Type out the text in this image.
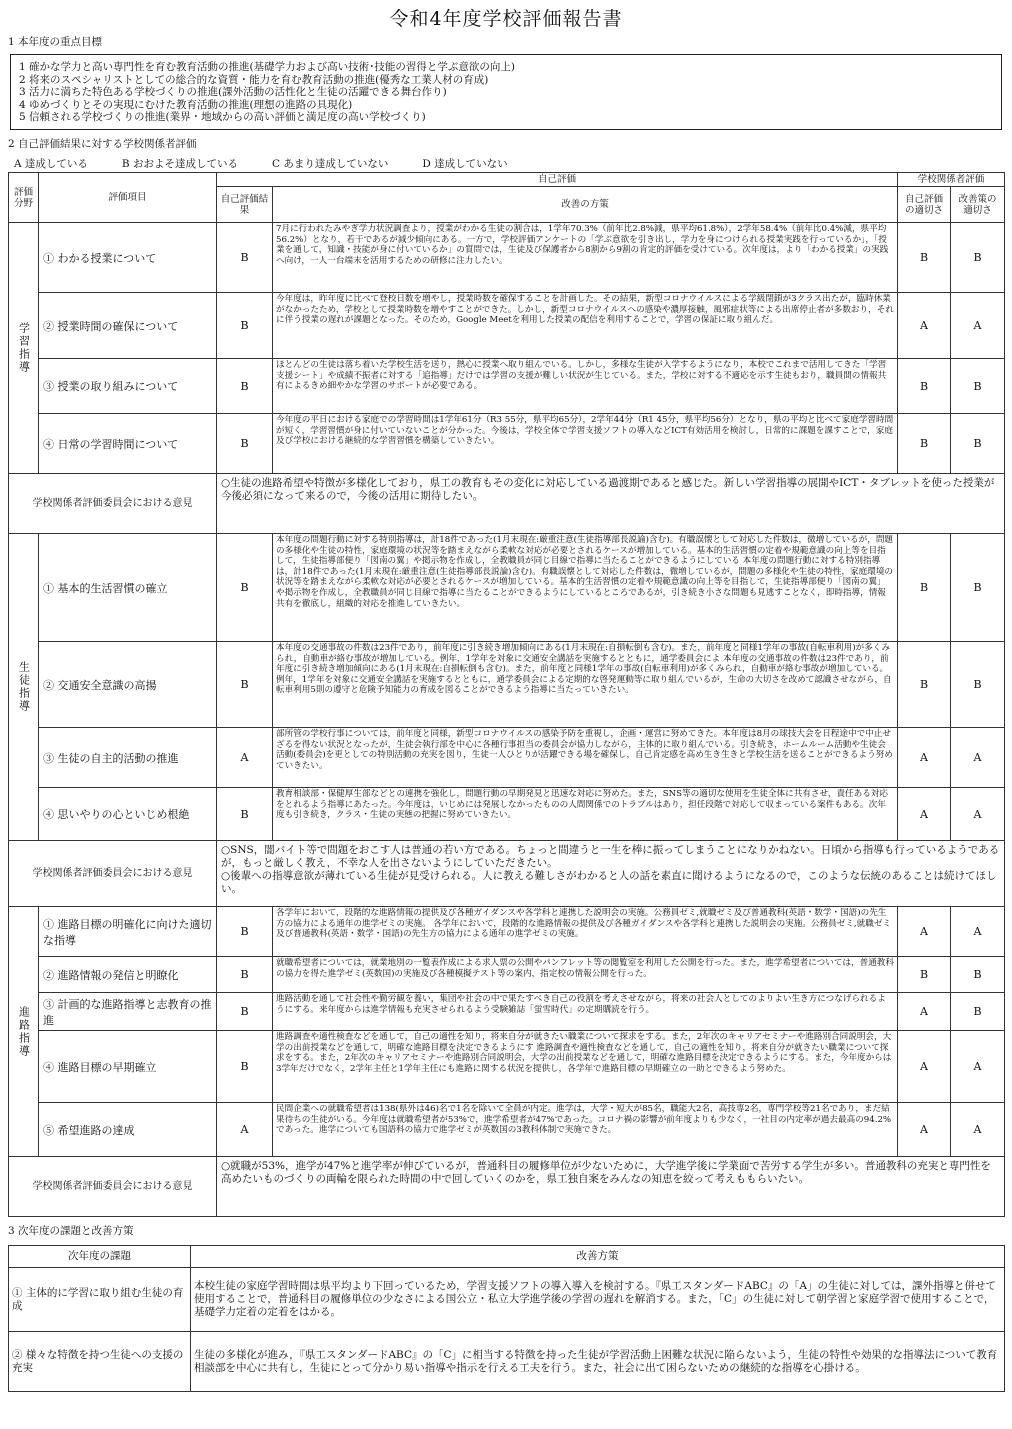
令和4年度学校評価報告書

1 本年度の重点目標

1 確かな学力と高い専門性を育む教育活動の推進(基礎学力および高い技術･技能の習得と学ぶ意欲の向上)
2 将来のスペシャリストとしての総合的な資質・能力を育む教育活動の推進(優秀な工業人材の育成)
3 活力に満ちた特色ある学校づくりの推進(課外活動の活性化と生徒の活躍できる舞台作り)
4 ゆめづくりとその実現にむけた教育活動の推進(理想の進路の具現化)
5 信頼される学校づくりの推進(業界・地域からの高い評価と満足度の高い学校づくり)

2 自己評価結果に対する学校関係者評価

A 達成している	B おおよそ達成している	C あまり達成していない	D 達成していない
評価分野	評価項目	自己評価		学校関係者評価	
		自己評価結果	改善の方策	自己評価の適切さ	改善策の適切さ
学習指導	① わかる授業について	B	7月に行われたみやぎ学力状況調査より，授業がわかる生徒の割合は，1学年70.3%（前年比2.8%減，県平均61.8%），2学年58.4%（前年比0.4%減，県平均56.2%）となり，若干であるが減少傾向にある。一方で，学校評価アンケートの「学ぶ意欲を引き出し，学力を身につけられる授業実践を行っているか」，「授業を通して，知識・技能が身に付いているか」の質問では，生徒及び保護者から8割から9割の肯定的評価を受けている。次年度は，より「わかる授業」の実践へ向け，一人一台端末を活用するための研修に注力したい。	B	B
	② 授業時間の確保について	B	今年度は，昨年度に比べて登校日数を増やし，授業時数を確保することを計画した。その結果，新型コロナウイルスによる学級閉鎖が3クラス出たが，臨時休業がなかったため，学校として授業時数を増やすことができた。しかし，新型コロナウイルスへの感染や濃厚接触，風邪症状等による出席停止者が多数おり，それに伴う授業の遅れが課題となった。そのため，Google Meetを利用した授業の配信を利用することで，学習の保証に取り組んだ。	A	A
	③ 授業の取り組みについて	B	ほとんどの生徒は落ち着いた学校生活を送り，熱心に授業へ取り組んでいる。しかし，多様な生徒が入学するようになり，本校でこれまで活用してきた「学習支援シート」や成績不振者に対する「追指導」だけでは学習の支援が難しい状況が生じている。また，学校に対する不適応を示す生徒もおり，職員間の情報共有によるきめ細やかな学習のサポートが必要である。	B	B
	④ 日常の学習時間について	B	今年度の平日における家庭での学習時間は1学年61分（R3 55分，県平均65分），2学年44分（R1 45分，県平均56分）となり，県の平均と比べて家庭学習時間が短く，学習習慣が身に付いていないことが分かった。今後は，学校全体で学習支援ソフトの導入などICT有効活用を検討し，日常的に課題を課すことで，家庭及び学校における継続的な学習習慣を構築していきたい。	B	B
学校関係者評価委員会における意見		○生徒の進路希望や特徴が多様化しており，県工の教育もその変化に対応している過渡期であると感じた。新しい学習指導の展開やICT・タブレットを使った授業が今後必須になって来るので，今後の活用に期待したい。			
生徒指導	① 基本的生活習慣の確立	B	本年度の問題行動に対する特別指導は，計18件であった(1月末現在:厳重注意(生徒指導部長説諭)含む)。有職誤懐として対応した件数は，微増しているが，問題の多様化や生徒の特性，家庭環境の状況等を踏まえながら柔軟な対応が必要とされるケースが増加している。基本的生活習慣の定着や規範意識の向上等を目指して，生徒指導部便り「図南の翼」や掲示物を作成し，全教職員が同じ目線で指導に当たることができるようにしている 本年度の問題行動に対する特別指導は，計18件であった(1月末現在:厳重注意(生徒指導部長説論)含む)。有職誤懐として対応した件数は，微増しているが，問題の多様化や生徒の特性，家庭環境の状況等を踏まえながら柔軟な対応が必要とされるケースが増加している。基本的生活習慣の定着や規範意識の向上等を目指して，生徒指導部便り「図南の翼」や掲示物を作成し，全教職員が同じ目線で指導に当たることができるようにしているところであるが，引き続き小さな問題も見逃すことなく，即時指導，情報共有を徹底し，組織的対応を推進していきたい。	B	B
	② 交通安全意識の高揚	B	本年度の交通事故の件数は23件であり，前年度に引き続き増加傾向にある(1月末現在:自損転倒も含む)。また，前年度と同様1学年の事故(自転車利用)が多くみられ，自動車が絡む事故が増加している。例年，1学年を対象に交通安全講話を実施するとともに，通学委員会によ 本年度の交通事故の件数は23件であり，前年度に引き続き増加傾向にある(1月末現在:自損転倒も含む)。また，前年度と同様1学年の事故(自転車利用)が多くみられ，自動車が絡む事故が増加している。例年，1学年を対象に交通安全講話を実施するとともに，通学委員会による定期的な啓発運動等に取り組んでいるが，生命の大切さを改めて認識させながら，自転車利用5則の遵守と危険予知能力の育成を図ることができるよう指導に当たっていきたい。	B	B
	③ 生徒の自主的活動の推進	A	部所管の学校行事については，前年度と同様，新型コロナウイルスの感染予防を重視し，企画・運営に努めてきた。本年度は8月の球技大会を日程途中で中止せざるを得ない状況となったが，生徒会執行部を中心に各種行事担当の委員会が協力しながら，主体的に取り組んでいる。引き続き，ホームルーム活動や生徒会活動(委員会)を更としての特別活動の充実を図り，生徒一人ひとりが活躍できる場を確保し，自己肯定感を高め生き生きと学校生活を送ることができるよう努めていきたい。	A	A
	④ 思いやりの心といじめ根絶	B	教育相談部・保健厚生部などとの連携を強化し，問題行動の早期発見と迅速な対応に努めた。また，SNS等の適切な使用を生徒全体に共有させ，責任ある対応をとれるよう指導にあたった。今年度は，いじめには発展しなかったものの人間関係でのトラブルはあり，担任段階で対応して収まっている案件もある。次年度も引き続き，クラス・生徒の実態の把握に努めていきたい。	A	A
学校関係者評価委員会における意見		○SNS，闇バイト等で問題をおこす人は普通の若い方である。ちょっと間違うと一生を棒に振ってしまうことになりかねない。日頃から指導も行っているようであるが，もっと厳しく教え，不幸な人を出さないようにしていただきたい。
○後輩への指導意欲が薄れている生徒が見受けられる。人に教える難しさがわかると人の話を素直に聞けるようになるので，このような伝統のあることは続けてほしい。			
進路指導	① 進路目標の明確化に向けた適切な指導	B	各学年において，段階的な進路情報の提供及び各種ガイダンスや各学科と連携した説明会の実施。公務員ゼミ,就職ゼミ及び普通教科(英語・数学・国語)の先生方の協力による通年の進学ゼミの実施。 各学年において，段階的な進路情報の提供及び各種ガイダンスや各学科と連携した説明会の実施。公務員ゼミ,就職ゼミ及び普通教科(英語・数学・国語)の先生方の協力による通年の進学ゼミの実施。	A	A
	② 進路情報の発信と明瞭化	B	就職希望者については，就業地別の一覧表作成による求人票の公開やパンフレット等の閲覧室を利用した公開を行った。また，進学希望者については，普通教科の協力を得た進学ゼミ(英数国)の実施及び各種模擬テスト等の案内，指定校の情報公開を行った。	B	B
	③ 計画的な進路指導と志教育の推進	B	進路活動を通して社会性や勤労観を養い，集団や社会の中で果たすべき自己の役割を考えさせながら，将来の社会人としてのよりよい生き方につなげられるようにする。来年度からは進学情報も充実させられるよう受験雑誌「蛍雪時代」の定期購読を行う。	A	B
	④ 進路目標の早期確立	B	進路調査や適性検査などを通して，自己の適性を知り，将来自分が就きたい職業について探求をする。また，2年次のキャリアセミナーや進路別合同説明会，大学の出前授業などを通して，明確な進路目標を決定できるようにす 進路調査や適性検査などを通して，自己の適性を知り，将来自分が就きたい職業について探求をする。また，2年次のキャリアセミナーや進路別合同説明会，大学の出前授業などを通して，明確な進路目標を決定できるようにする。また，今年度からは3学年だけでなく，2学年主任と1学年主任にも進路に関する状況を提供し，各学年で進路目標の早期確立の一助とできるよう努めた。	A	A
	⑤ 希望進路の達成	A	民間企業への就職希望者は138(県外は46)名で1名を除いて全員が内定。進学は，大学・短大が85名，職能大2名，高技専2名，専門学校等21名であり，まだ結果待ちの生徒がいる。今年度は就職希望者が53%で，進学希望者が47%であった。コロナ禍の影響が前年度よりも少なく，一社目の内定率が過去最高の94.2%であった。進学についても国語科の協力で進学ゼミが英数国の3教科体制で実施できた。	A	A
学校関係者評価委員会における意見		○就職が53%，進学が47%と進学率が伸びているが，普通科目の履修単位が少ないために，大学進学後に学業面で苦労する学生が多い。普通教科の充実と専門性を高めたいものづくりの両輪を限られた時間の中で回していくのかを，県工独自案をみんなの知恵を絞って考えももらいたい。			

3 次年度の課題と改善方策

次年度の課題	改善方策
① 主体的に学習に取り組む生徒の育成	本校生徒の家庭学習時間は県平均より下回っているため，学習支援ソフトの導入導入を検討する。『県工スタンダードABC』の「A」の生徒に対しては，課外指導と併せて使用することで，普通科目の履修単位の少なさによる国公立・私立大学進学後の学習の遅れを解消する。また，「C」の生徒に対して朝学習と家庭学習で使用することで，基礎学力定着の定着をはかる。
② 様々な特徴を持つ生徒への支援の充実	生徒の多様化が進み，『県工スタンダードABC』の「C」に相当する特徴を持った生徒が学習活動上困難な状況に陥らないよう，生徒の特性や効果的な指導法について教育相談部を中心に共有し，生徒にとって分かり易い指導や指示を行える工夫を行う。また，社会に出て困らないための継続的な指導を心掛ける。
